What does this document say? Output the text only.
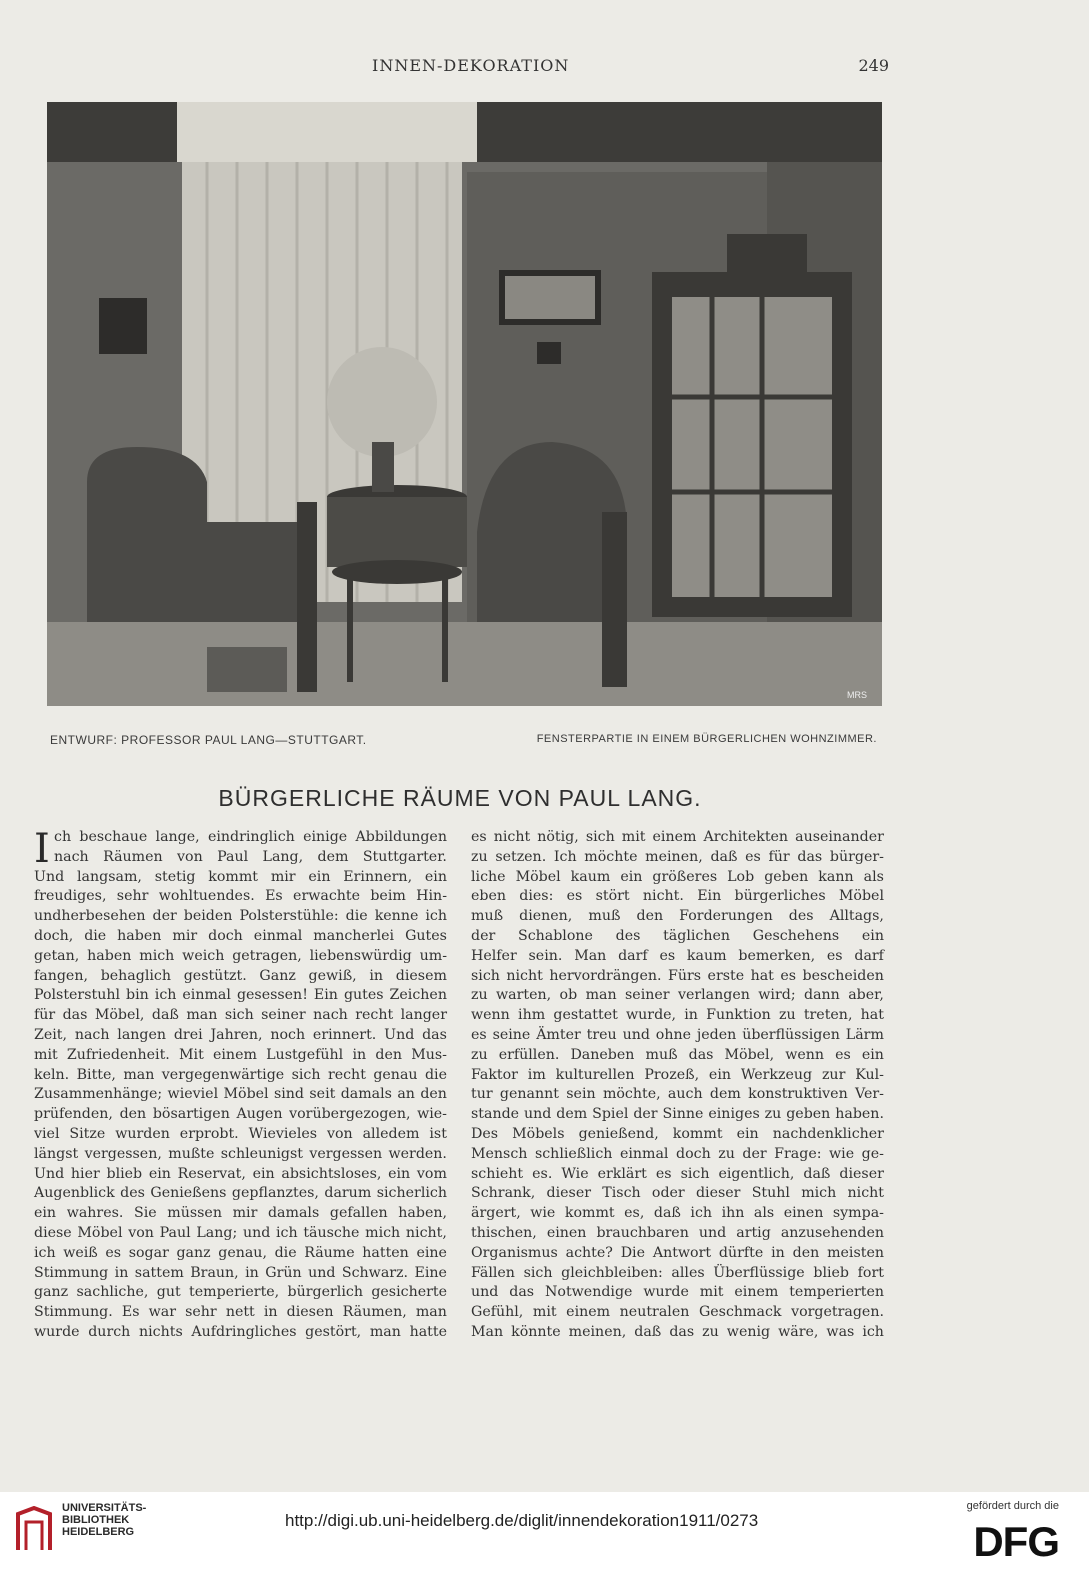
INNEN-DEKORATION	249
MRS
ENTWURF: PROFESSOR PAUL LANG—STUTTGART.	FENSTERPARTIE IN EINEM BÜRGERLICHEN WOHNZIMMER.
BÜRGERLICHE RÄUME VON PAUL LANG.
I ch beschaue lange, eindringlich einige Abbildungen
nach Räumen von Paul Lang, dem Stuttgarter.
Und langsam, stetig kommt mir ein Erinnern, ein
freudiges, sehr wohltuendes. Es erwachte beim Hin-
undherbesehen der beiden Polsterstühle: die kenne ich
doch, die haben mir doch einmal mancherlei Gutes
getan, haben mich weich getragen, liebenswürdig um-
fangen, behaglich gestützt. Ganz gewiß, in diesem
Polsterstuhl bin ich einmal gesessen! Ein gutes Zeichen
für das Möbel, daß man sich seiner nach recht langer
Zeit, nach langen drei Jahren, noch erinnert. Und das
mit Zufriedenheit. Mit einem Lustgefühl in den Mus-
keln. Bitte, man vergegenwärtige sich recht genau die
Zusammenhänge; wieviel Möbel sind seit damals an den
prüfenden, den bösartigen Augen vorübergezogen, wie-
viel Sitze wurden erprobt. Wievieles von alledem ist
längst vergessen, mußte schleunigst vergessen werden.
Und hier blieb ein Reservat, ein absichtsloses, ein vom
Augenblick des Genießens gepflanztes, darum sicherlich
ein wahres. Sie müssen mir damals gefallen haben,
diese Möbel von Paul Lang; und ich täusche mich nicht,
ich weiß es sogar ganz genau, die Räume hatten eine
Stimmung in sattem Braun, in Grün und Schwarz. Eine
ganz sachliche, gut temperierte, bürgerlich gesicherte
Stimmung. Es war sehr nett in diesen Räumen, man
wurde durch nichts Aufdringliches gestört, man hatte
es nicht nötig, sich mit einem Architekten auseinander
zu setzen. Ich möchte meinen, daß es für das bürger-
liche Möbel kaum ein größeres Lob geben kann als
eben dies: es stört nicht. Ein bürgerliches Möbel
muß dienen, muß den Forderungen des Alltags,
der Schablone des täglichen Geschehens ein
Helfer sein. Man darf es kaum bemerken, es darf
sich nicht hervordrängen. Fürs erste hat es bescheiden
zu warten, ob man seiner verlangen wird; dann aber,
wenn ihm gestattet wurde, in Funktion zu treten, hat
es seine Ämter treu und ohne jeden überflüssigen Lärm
zu erfüllen. Daneben muß das Möbel, wenn es ein
Faktor im kulturellen Prozeß, ein Werkzeug zur Kul-
tur genannt sein möchte, auch dem konstruktiven Ver-
stande und dem Spiel der Sinne einiges zu geben haben.
Des Möbels genießend, kommt ein nachdenklicher
Mensch schließlich einmal doch zu der Frage: wie ge-
schieht es. Wie erklärt es sich eigentlich, daß dieser
Schrank, dieser Tisch oder dieser Stuhl mich nicht
ärgert, wie kommt es, daß ich ihn als einen sympa-
thischen, einen brauchbaren und artig anzusehenden
Organismus achte? Die Antwort dürfte in den meisten
Fällen sich gleichbleiben: alles Überflüssige blieb fort
und das Notwendige wurde mit einem temperierten
Gefühl, mit einem neutralen Geschmack vorgetragen.
Man könnte meinen, daß das zu wenig wäre, was ich
UNIVERSITÄTS-
BIBLIOTHEK
HEIDELBERG
http://digi.ub.uni-heidelberg.de/diglit/innendekoration1911/0273
gefördert durch die
DFG
